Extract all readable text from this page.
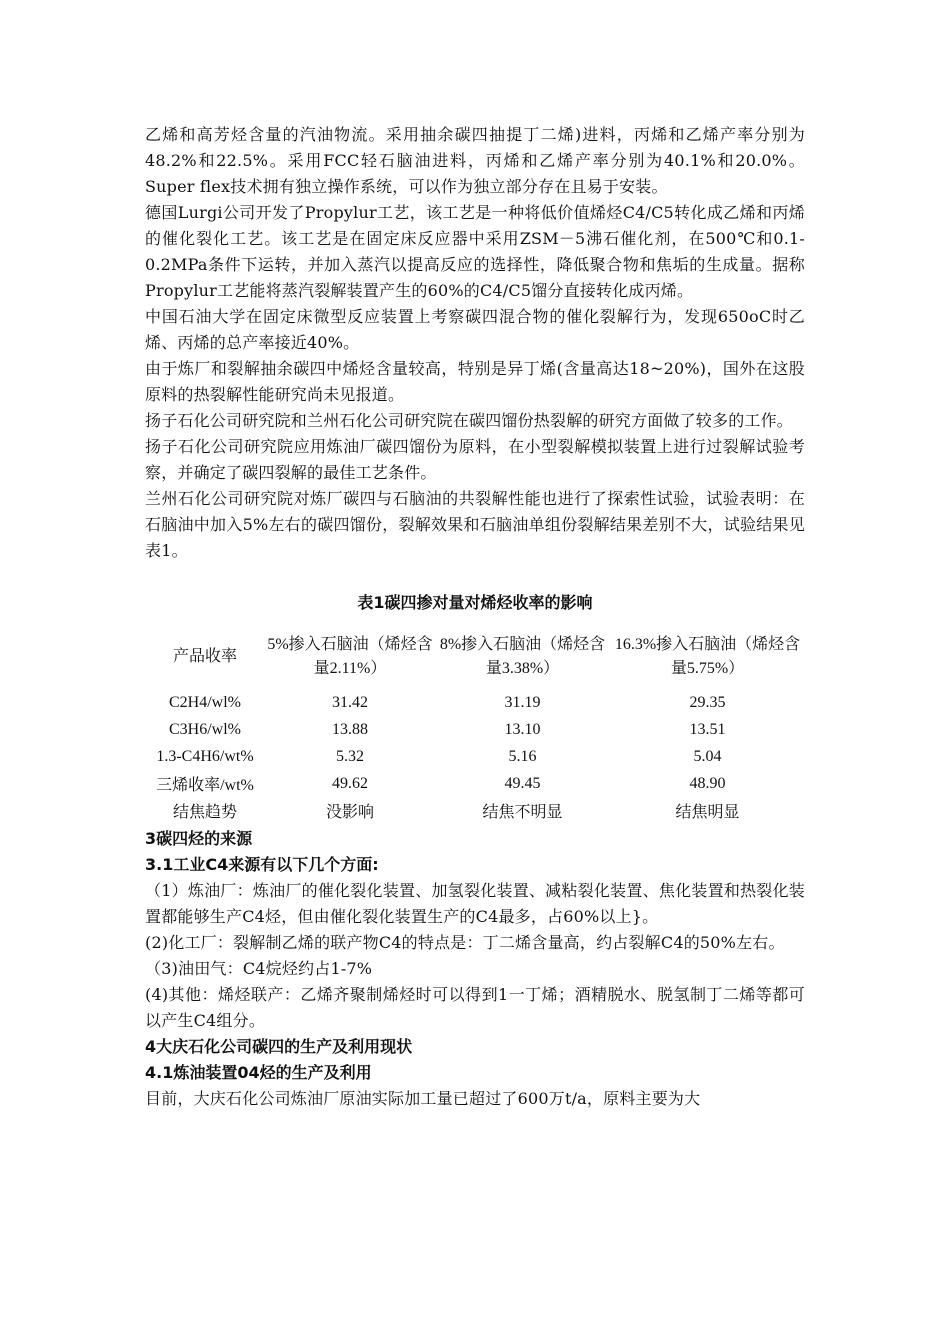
乙烯和高芳烃含量的汽油物流。采用抽余碳四抽提丁二烯)进料，丙烯和乙烯产率分别为48.2%和22.5%。采用FCC轻石脑油进料，丙烯和乙烯产率分别为40.1%和20.0%。Super flex技术拥有独立操作系统，可以作为独立部分存在且易于安装。

德国Lurgi公司开发了Propylur工艺，该工艺是一种将低价值烯烃C4/C5转化成乙烯和丙烯的催化裂化工艺。该工艺是在固定床反应器中采用ZSM－5沸石催化剂，在500℃和0.1-0.2MPa条件下运转，并加入蒸汽以提高反应的选择性，降低聚合物和焦垢的生成量。据称Propylur工艺能将蒸汽裂解装置产生的60%的C4/C5馏分直接转化成丙烯。

中国石油大学在固定床微型反应装置上考察碳四混合物的催化裂解行为，发现650oC时乙烯、丙烯的总产率接近40%。

由于炼厂和裂解抽余碳四中烯烃含量较高，特别是异丁烯(含量高达18~20%)，国外在这股原料的热裂解性能研究尚未见报道。

扬子石化公司研究院和兰州石化公司研究院在碳四馏份热裂解的研究方面做了较多的工作。

扬子石化公司研究院应用炼油厂碳四馏份为原料，在小型裂解模拟装置上进行过裂解试验考察，并确定了碳四裂解的最佳工艺条件。

兰州石化公司研究院对炼厂碳四与石脑油的共裂解性能也进行了探索性试验，试验表明：在石脑油中加入5%左右的碳四馏份，裂解效果和石脑油单组份裂解结果差别不大，试验结果见表1。

表1碳四掺对量对烯烃收率的影响
产品收率	5%掺入石脑油（烯烃含量2.11%）	8%掺入石脑油（烯烃含量3.38%）	16.3%掺入石脑油（烯烃含量5.75%）
C2H4/wl%	31.42	31.19	29.35
C3H6/wl%	13.88	13.10	13.51
1.3-C4H6/wt%	5.32	5.16	5.04
三烯收率/wt%	49.62	49.45	48.90
结焦趋势	没影响	结焦不明显	结焦明显
3碳四烃的来源
3.1工业C4来源有以下几个方面:

（1）炼油厂：炼油厂的催化裂化装置、加氢裂化装置、减粘裂化装置、焦化装置和热裂化装置都能够生产C4烃，但由催化裂化装置生产的C4最多，占60%以上}。

(2)化工厂：裂解制乙烯的联产物C4的特点是：丁二烯含量高，约占裂解C4的50%左右。

（3)油田气：C4烷烃约占1-7%

(4)其他：烯烃联产：乙烯齐聚制烯烃时可以得到1一丁烯；酒精脱水、脱氢制丁二烯等都可以产生C4组分。

4大庆石化公司碳四的生产及利用现状
4.1炼油装置04烃的生产及利用

目前，大庆石化公司炼油厂原油实际加工量已超过了600万t/a，原料主要为大
